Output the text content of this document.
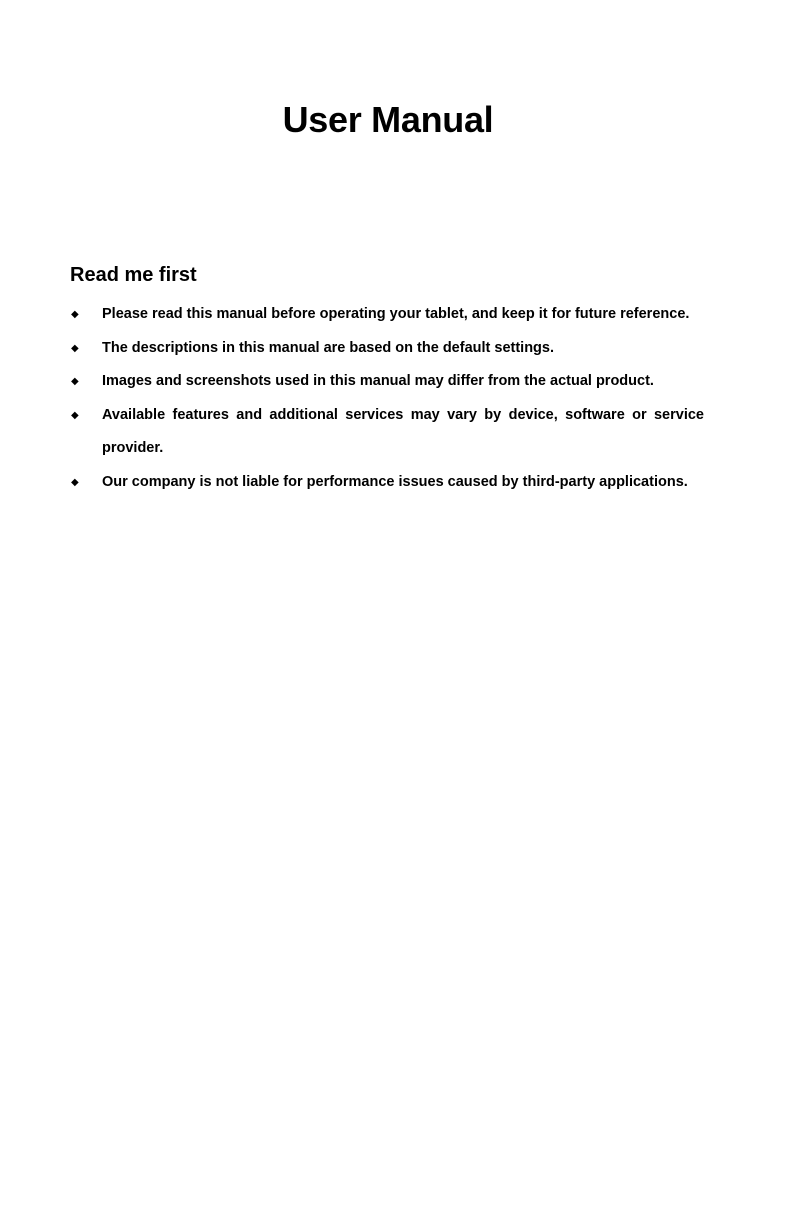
User Manual
Read me first
◆ Please read this manual before operating your tablet, and keep it for future reference.
◆ The descriptions in this manual are based on the default settings.
◆ Images and screenshots used in this manual may differ from the actual product.
◆ Available features and additional services may vary by device, software or service provider.
◆ Our company is not liable for performance issues caused by third-party applications.
